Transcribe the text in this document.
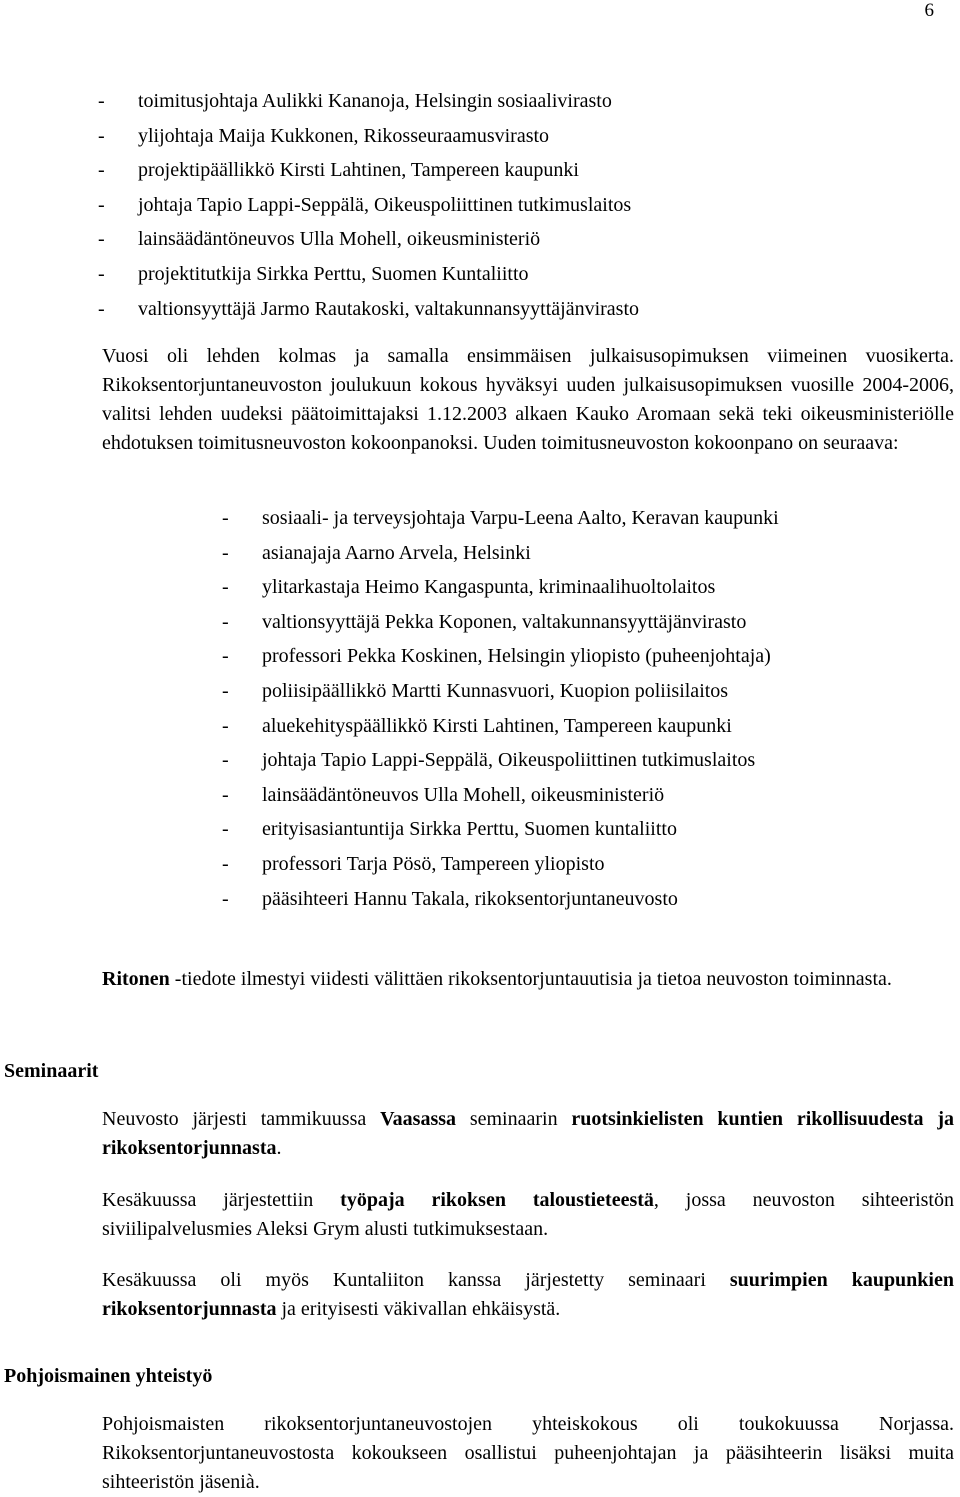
6
- toimitusjohtaja Aulikki Kananoja, Helsingin sosiaalivirasto
- ylijohtaja Maija Kukkonen, Rikosseuraamusvirasto
- projektipäällikkö Kirsti Lahtinen, Tampereen kaupunki
- johtaja Tapio Lappi-Seppälä, Oikeuspoliittinen tutkimuslaitos
- lainsäädäntöneuvos Ulla Mohell, oikeusministeriö
- projektitutkija Sirkka Perttu, Suomen Kuntaliitto
- valtionsyyttäjä Jarmo Rautakoski, valtakunnansyyttäjänvirasto

Vuosi oli lehden kolmas ja samalla ensimmäisen julkaisusopimuksen viimeinen vuosikerta. Rikoksentorjuntaneuvoston joulukuun kokous hyväksyi uuden julkaisusopimuksen vuosille 2004-2006, valitsi lehden uudeksi päätoimittajaksi 1.12.2003 alkaen Kauko Aromaan sekä teki oikeusministeriölle ehdotuksen toimitusneuvoston kokoonpanoksi. Uuden toimitusneuvoston kokoonpano on seuraava:

- sosiaali- ja terveysjohtaja Varpu-Leena Aalto, Keravan kaupunki
- asianajaja Aarno Arvela, Helsinki
- ylitarkastaja Heimo Kangaspunta, kriminaalihuoltolaitos
- valtionsyyttäjä Pekka Koponen, valtakunnansyyttäjänvirasto
- professori Pekka Koskinen, Helsingin yliopisto (puheenjohtaja)
- poliisipäällikkö Martti Kunnasvuori, Kuopion poliisilaitos
- aluekehityspäällikkö Kirsti Lahtinen, Tampereen kaupunki
- johtaja Tapio Lappi-Seppälä, Oikeuspoliittinen tutkimuslaitos
- lainsäädäntöneuvos Ulla Mohell, oikeusministeriö
- erityisasiantuntija Sirkka Perttu, Suomen kuntaliitto
- professori Tarja Pösö, Tampereen yliopisto
- pääsihteeri Hannu Takala, rikoksentorjuntaneuvosto

Ritonen -tiedote ilmestyi viidesti välittäen rikoksentorjuntauutisia ja tietoa neuvoston toiminnasta.

Seminaarit

Neuvosto järjesti tammikuussa Vaasassa seminaarin ruotsinkielisten kuntien rikollisuudesta ja rikoksentorjunnasta.

Kesäkuussa järjestettiin työpaja rikoksen taloustieteestä, jossa neuvoston sihteeristön siviilipalvelusmies Aleksi Grym alusti tutkimuksestaan.

Kesäkuussa oli myös Kuntaliiton kanssa järjestetty seminaari suurimpien kaupunkien rikoksentorjunnasta ja erityisesti väkivallan ehkäisystä.

Pohjoismainen yhteistyö

Pohjoismaisten rikoksentorjuntaneuvostojen yhteiskokous oli toukokuussa Norjassa. Rikoksentorjuntaneuvostosta kokoukseen osallistui puheenjohtajan ja pääsihteerin lisäksi muita sihteeristön jäsenià.
